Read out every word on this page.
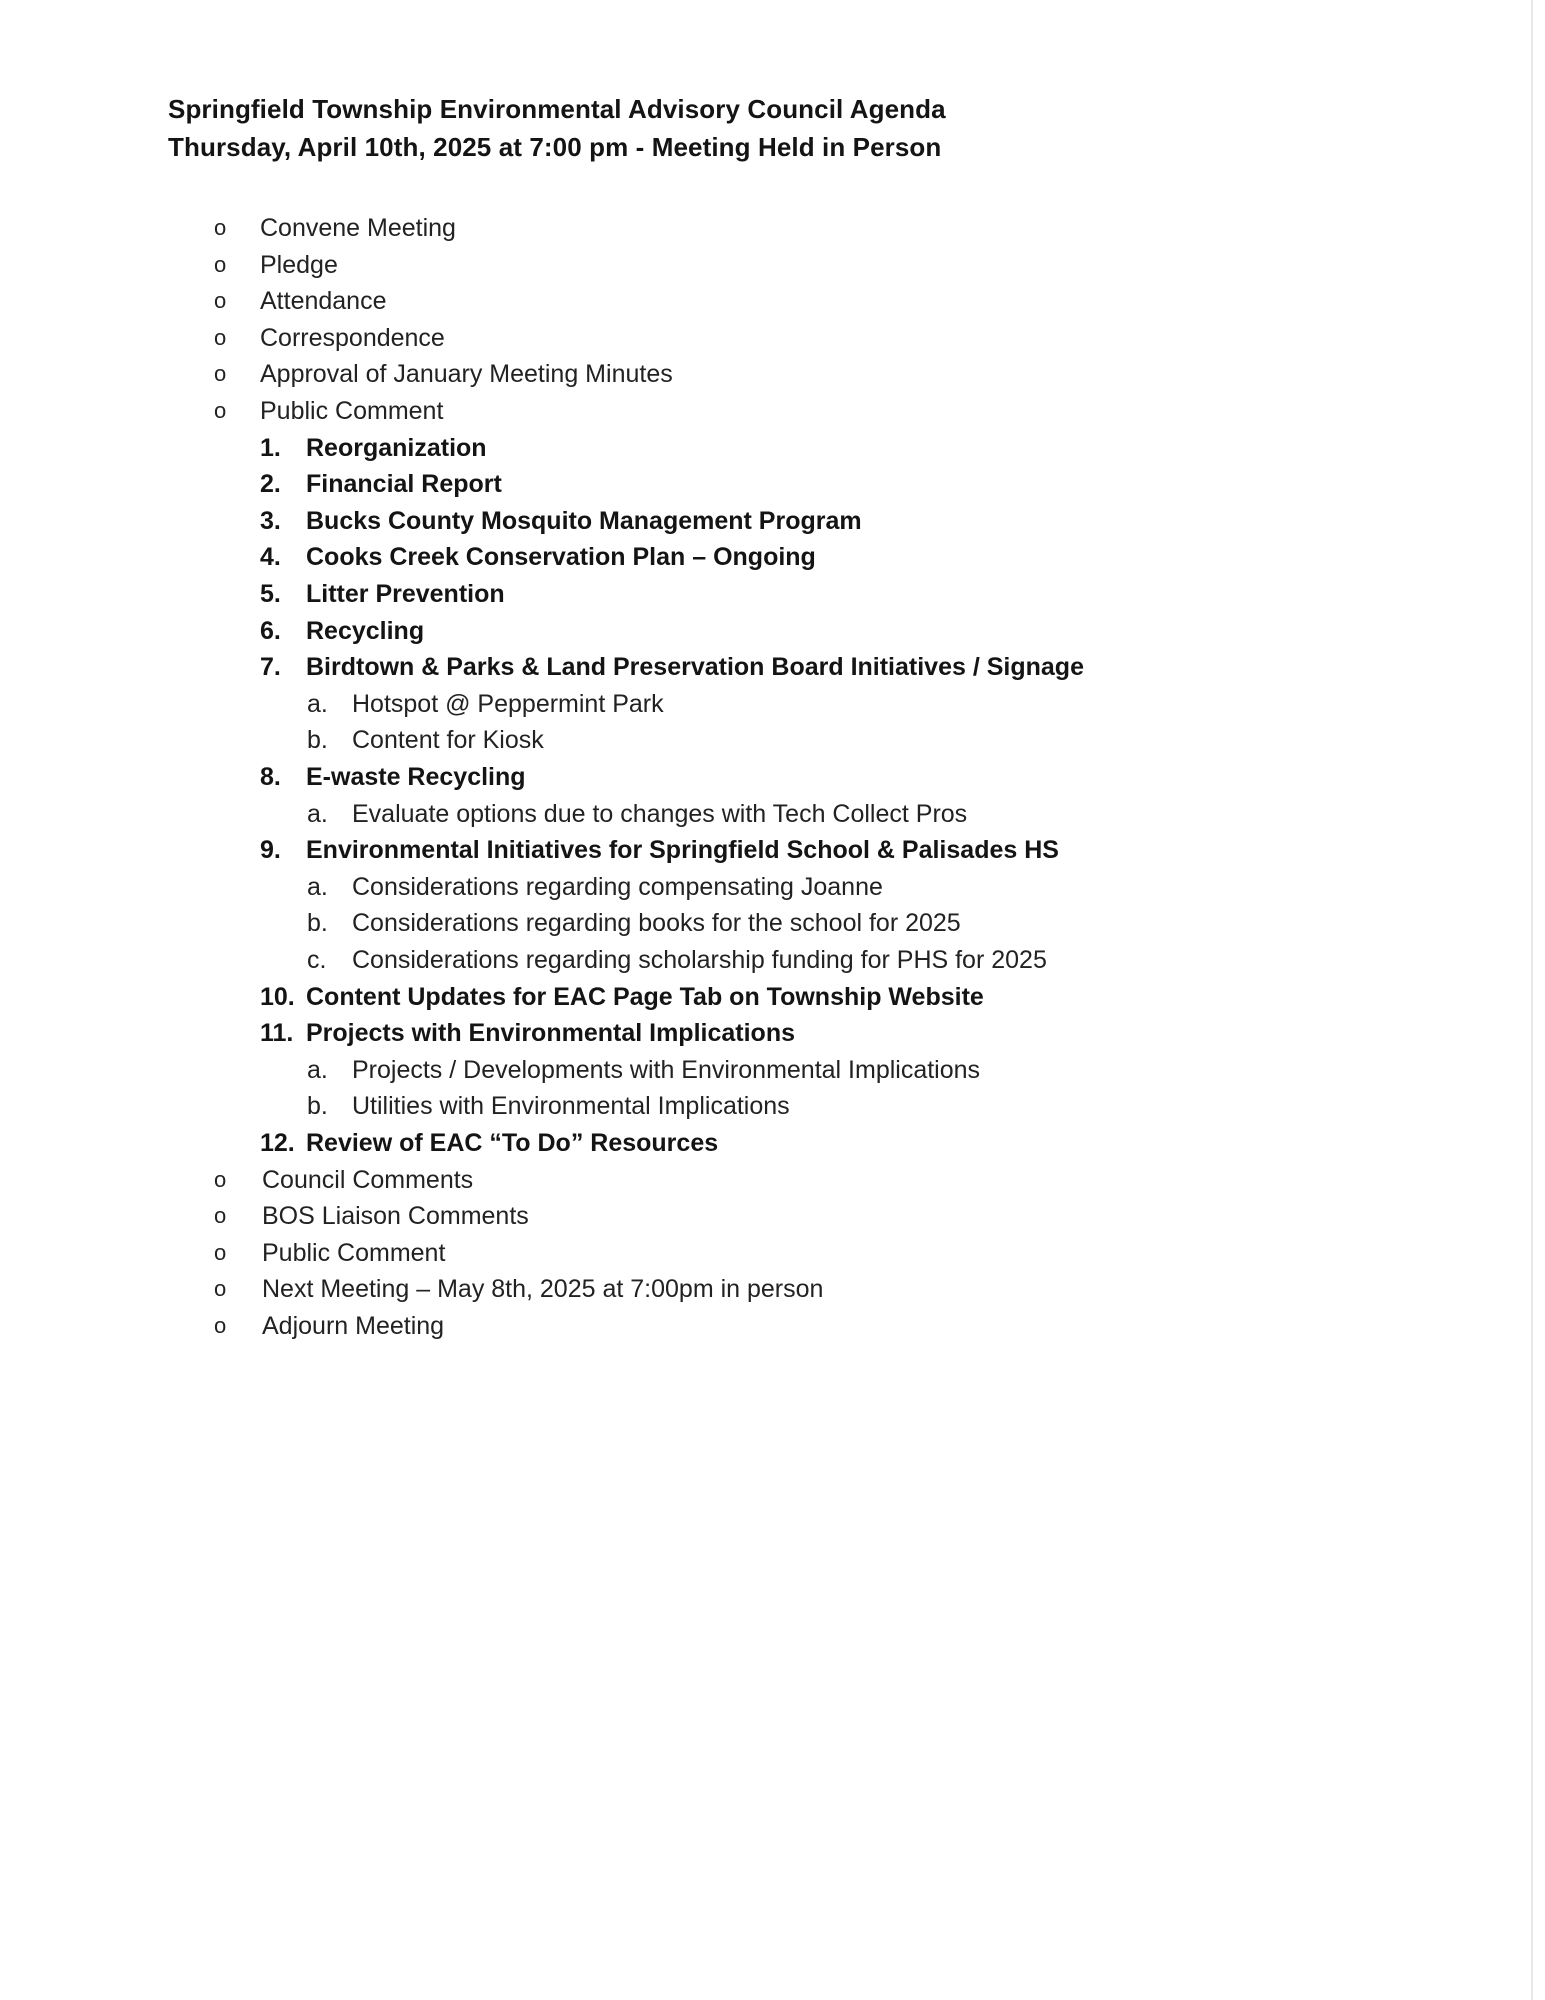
Springfield Township Environmental Advisory Council Agenda
Thursday, April 10th, 2025 at 7:00 pm - Meeting Held in Person
o Convene Meeting
o Pledge
o Attendance
o Correspondence
o Approval of January Meeting Minutes
o Public Comment
1. Reorganization
2. Financial Report
3. Bucks County Mosquito Management Program
4. Cooks Creek Conservation Plan – Ongoing
5. Litter Prevention
6. Recycling
7. Birdtown & Parks & Land Preservation Board Initiatives / Signage
a. Hotspot @ Peppermint Park
b. Content for Kiosk
8. E-waste Recycling
a. Evaluate options due to changes with Tech Collect Pros
9. Environmental Initiatives for Springfield School & Palisades HS
a. Considerations regarding compensating Joanne
b. Considerations regarding books for the school for 2025
c. Considerations regarding scholarship funding for PHS for 2025
10. Content Updates for EAC Page Tab on Township Website
11. Projects with Environmental Implications
a. Projects / Developments with Environmental Implications
b. Utilities with Environmental Implications
12. Review of EAC “To Do” Resources
o Council Comments
o BOS Liaison Comments
o Public Comment
o Next Meeting – May 8th, 2025 at 7:00pm in person
o Adjourn Meeting
